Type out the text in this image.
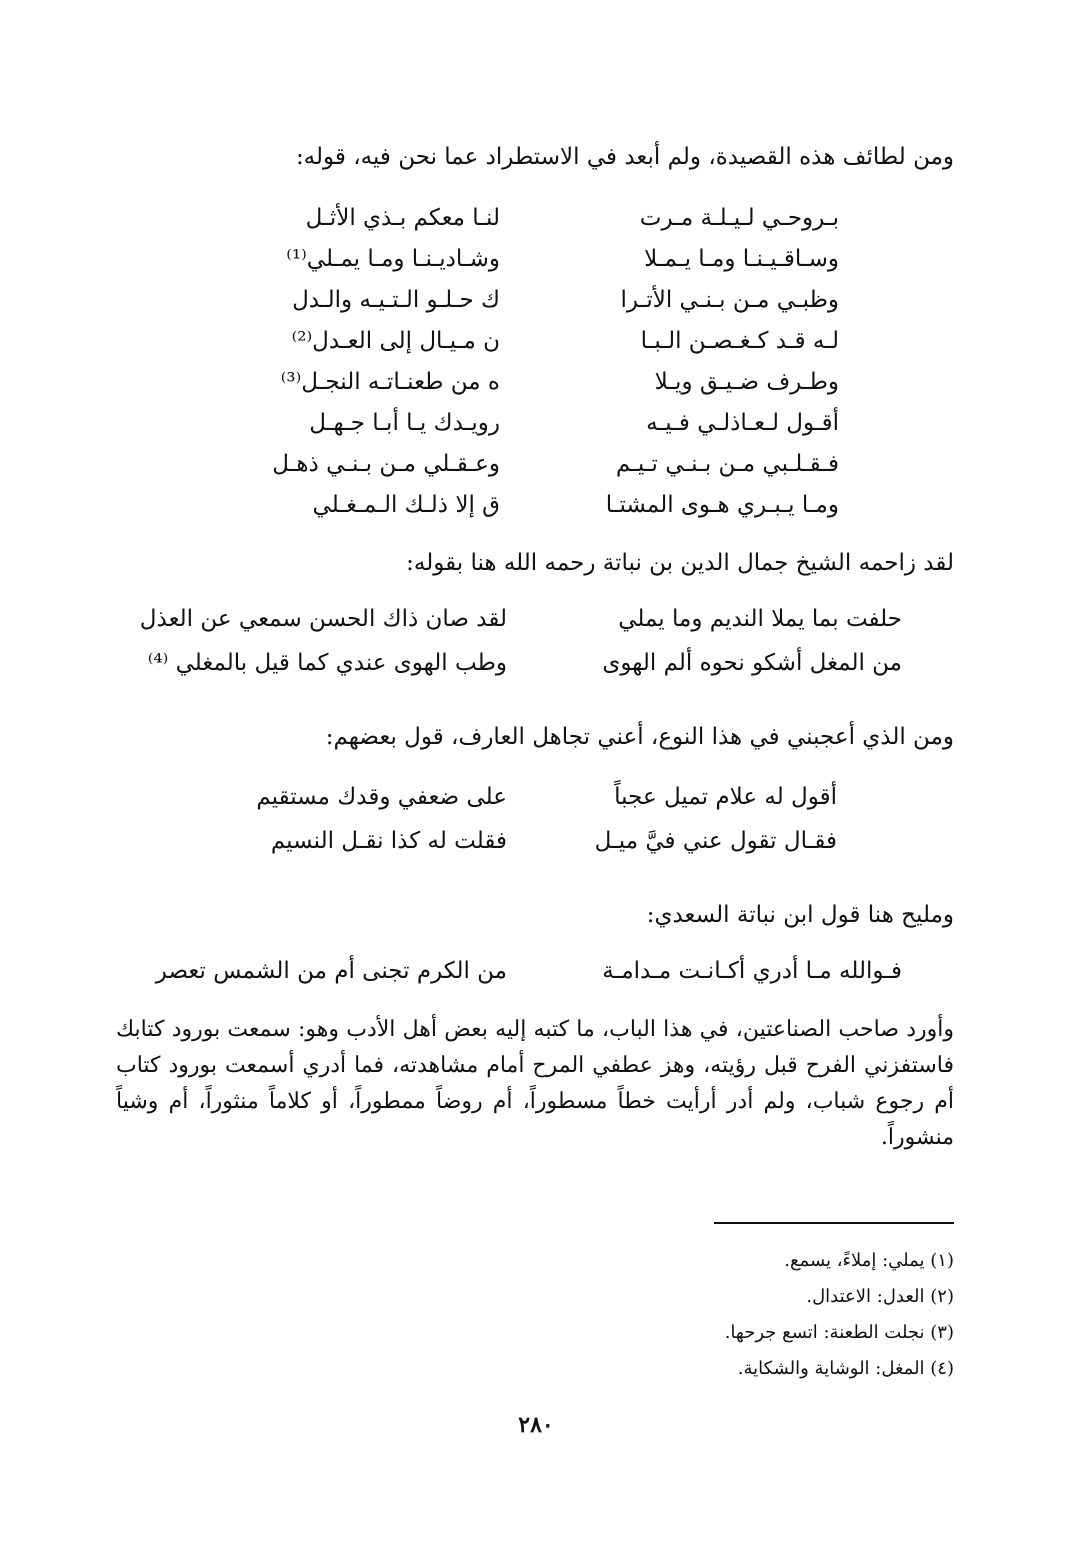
ومن لطائف هذه القصيدة، ولم أبعد في الاستطراد عما نحن فيه، قوله:
بـروحـي لـيـلـة مـرت
لنـا معكم بـذي الأثـل
وسـاقـيـنـا ومـا يـمـلا
وشـاديـنـا ومـا يمـلي⁽¹⁾
وظبـي مـن بـنـي الأتـرا
ك حـلـو الـتـيـه والـدل
لـه قـد كـغـصـن الـبـا
ن مـيـال إلى العـدل⁽²⁾
وطـرف ضـيـق ويـلا
ه من طعنـاتـه النجـل⁽³⁾
أقـول لـعـاذلـي فـيـه
رويـدك يـا أبـا جـهـل
فـقـلـبي مـن بـنـي تـيـم
وعـقـلي مـن بـنـي ذهـل
ومـا يـبـري هـوى المشتـا
ق إلا ذلـك الـمـغـلي
لقد زاحمه الشيخ جمال الدين بن نباتة رحمه الله هنا بقوله:
حلفت بما يملا النديم وما يملي
لقد صان ذاك الحسن سمعي عن العذل
من المغل أشكو نحوه ألم الهوى
وطب الهوى عندي كما قيل بالمغلي ⁽⁴⁾
ومن الذي أعجبني في هذا النوع، أعني تجاهل العارف، قول بعضهم:
أقول له علام تميل عجباً
على ضعفي وقدك مستقيم
فقـال تقول عني فيَّ ميـل
فقلت له كذا نقـل النسيم
ومليح هنا قول ابن نباتة السعدي:
فـوالله مـا أدري أكـانـت مـدامـة
من الكرم تجنى أم من الشمس تعصر
وأورد صاحب الصناعتين، في هذا الباب، ما كتبه إليه بعض أهل الأدب وهو: سمعت بورود كتابك فاستفزني الفرح قبل رؤيته، وهز عطفي المرح أمام مشاهدته، فما أدري أسمعت بورود كتاب أم رجوع شباب، ولم أدر أرأيت خطاً مسطوراً، أم روضاً ممطوراً، أو كلاماً منثوراً، أم وشياً منشوراً.
(١) يملي: إملاءً، يسمع.
(٢) العدل: الاعتدال.
(٣) نجلت الطعنة: اتسع جرحها.
(٤) المغل: الوشاية والشكاية.
٢٨٠
